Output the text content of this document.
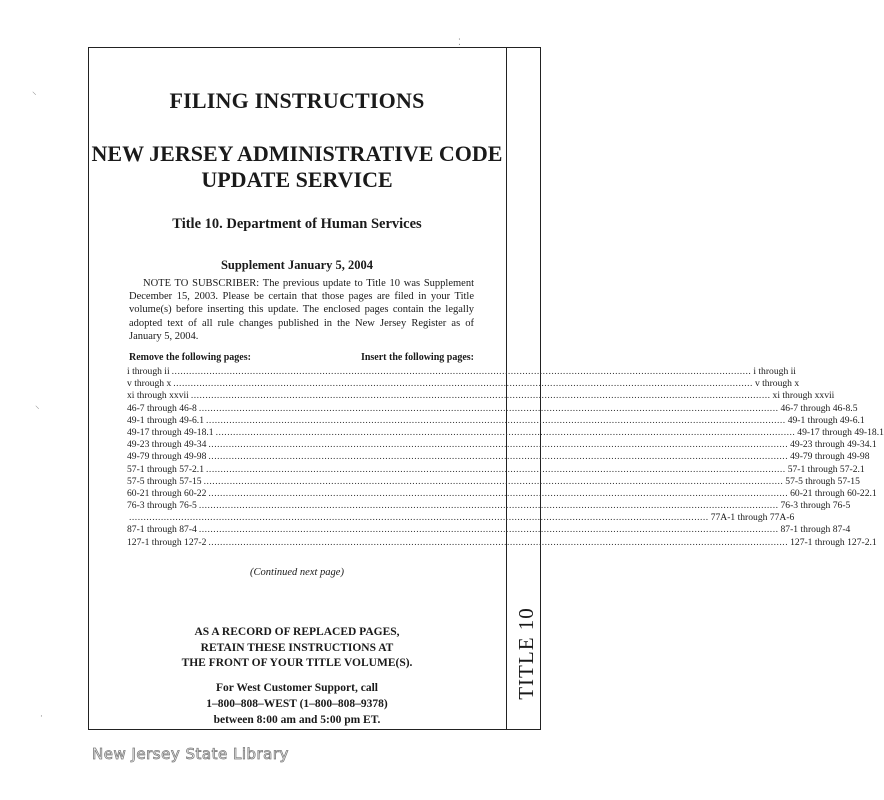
TITLE 10
FILING INSTRUCTIONS
NEW JERSEY ADMINISTRATIVE CODE
UPDATE SERVICE
Title 10. Department of Human Services
Supplement January 5, 2004
NOTE TO SUBSCRIBER: The previous update to Title 10 was Supplement December 15, 2003. Please be certain that those pages are filed in your Title volume(s) before inserting this update. The enclosed pages contain the legally adopted text of all rule changes published in the New Jersey Register as of January 5, 2004.
Remove the following pages:	Insert the following pages:
i through ii ........................................................................................................................................................................................................ i through ii
v through x ........................................................................................................................................................................................................ v through x
xi through xxvii ........................................................................................................................................................................................................ xi through xxvii
46-7 through 46-8 ........................................................................................................................................................................................................ 46-7 through 46-8.5
49-1 through 49-6.1 ........................................................................................................................................................................................................ 49-1 through 49-6.1
49-17 through 49-18.1 ........................................................................................................................................................................................................ 49-17 through 49-18.1
49-23 through 49-34 ........................................................................................................................................................................................................ 49-23 through 49-34.1
49-79 through 49-98 ........................................................................................................................................................................................................ 49-79 through 49-98
57-1 through 57-2.1 ........................................................................................................................................................................................................ 57-1 through 57-2.1
57-5 through 57-15 ........................................................................................................................................................................................................ 57-5 through 57-15
60-21 through 60-22 ........................................................................................................................................................................................................ 60-21 through 60-22.1
76-3 through 76-5 ........................................................................................................................................................................................................ 76-3 through 76-5
........................................................................................................................................................................................................ 77A-1 through 77A-6
87-1 through 87-4 ........................................................................................................................................................................................................ 87-1 through 87-4
127-1 through 127-2 ........................................................................................................................................................................................................ 127-1 through 127-2.1
(Continued next page)
AS A RECORD OF REPLACED PAGES,
RETAIN THESE INSTRUCTIONS AT
THE FRONT OF YOUR TITLE VOLUME(S).
For West Customer Support, call
1–800–808–WEST (1–800–808–9378)
between 8:00 am and 5:00 pm ET.
New Jersey State Library
⸌
⸌
·
⁚
